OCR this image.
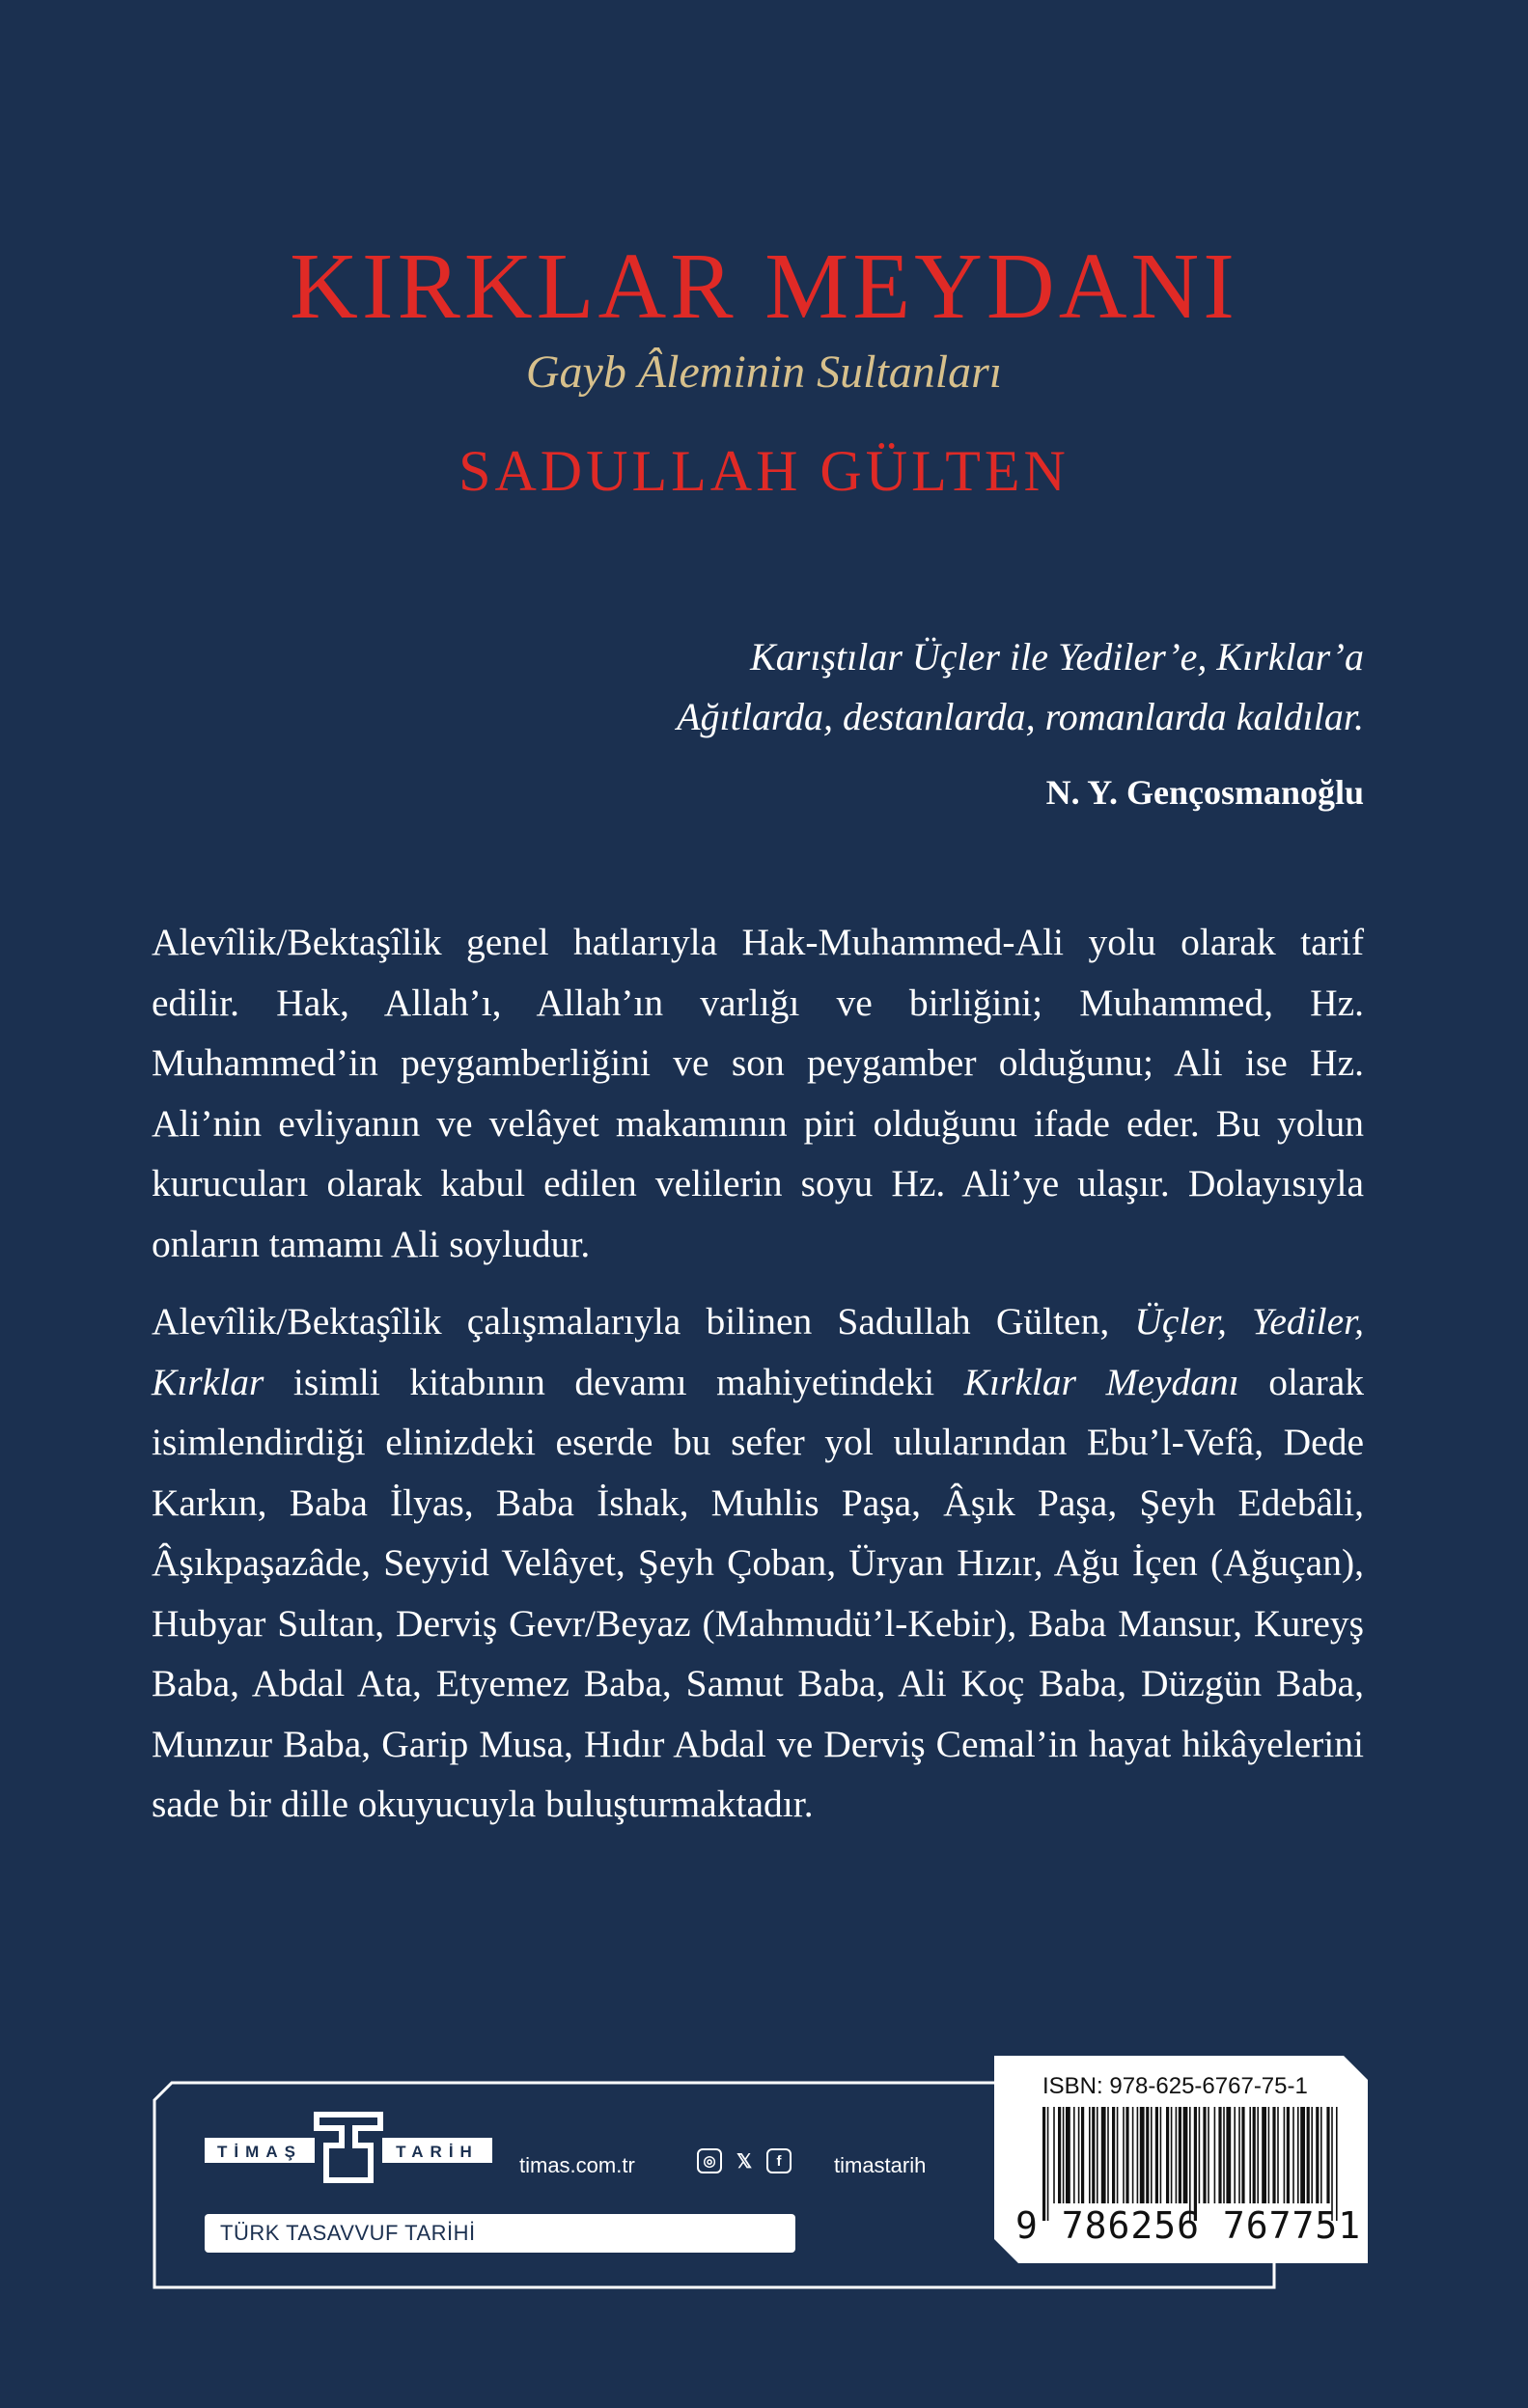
KIRKLAR MEYDANI
Gayb Âleminin Sultanları
SADULLAH GÜLTEN
Karıştılar Üçler ile Yediler’e, Kırklar’a
Ağıtlarda, destanlarda, romanlarda kaldılar.
N. Y. Gençosmanoğlu

Alevîlik/Bektaşîlik genel hatlarıyla Hak-Muhammed-Ali yolu olarak tarif edilir. Hak, Allah’ı, Allah’ın varlığı ve birliğini; Muhammed, Hz. Muhammed’in peygamberliğini ve son peygamber olduğunu; Ali ise Hz. Ali’nin evliyanın ve velâyet makamının piri olduğunu ifade eder. Bu yolun kurucuları olarak kabul edilen velilerin soyu Hz. Ali’ye ulaşır. Dolayısıyla onların tamamı Ali soyludur.

Alevîlik/Bektaşîlik çalışmalarıyla bilinen Sadullah Gülten, Üçler, Yediler, Kırklar isimli kitabının devamı mahiyetindeki Kırklar Meydanı olarak isimlendirdiği elinizdeki eserde bu sefer yol ulularından Ebu’l-Vefâ, Dede Karkın, Baba İlyas, Baba İshak, Muhlis Paşa, Âşık Paşa, Şeyh Edebâli, Âşıkpaşazâde, Seyyid Velâyet, Şeyh Çoban, Üryan Hızır, Ağu İçen (Ağuçan), Hubyar Sultan, Derviş Gevr/Beyaz (Mahmudü’l-Kebir), Baba Mansur, Kureyş Baba, Abdal Ata, Etyemez Baba, Samut Baba, Ali Koç Baba, Düzgün Baba, Munzur Baba, Garip Musa, Hıdır Abdal ve Derviş Cemal’in hayat hikâyelerini sade bir dille okuyucuyla buluşturmaktadır.

TİMAŞ	TARİH
timas.com.tr	◎	𝕏	f	timastarih
TÜRK TASAVVUF TARİHİ
ISBN: 978-625-6767-75-1
9 786256 767751
